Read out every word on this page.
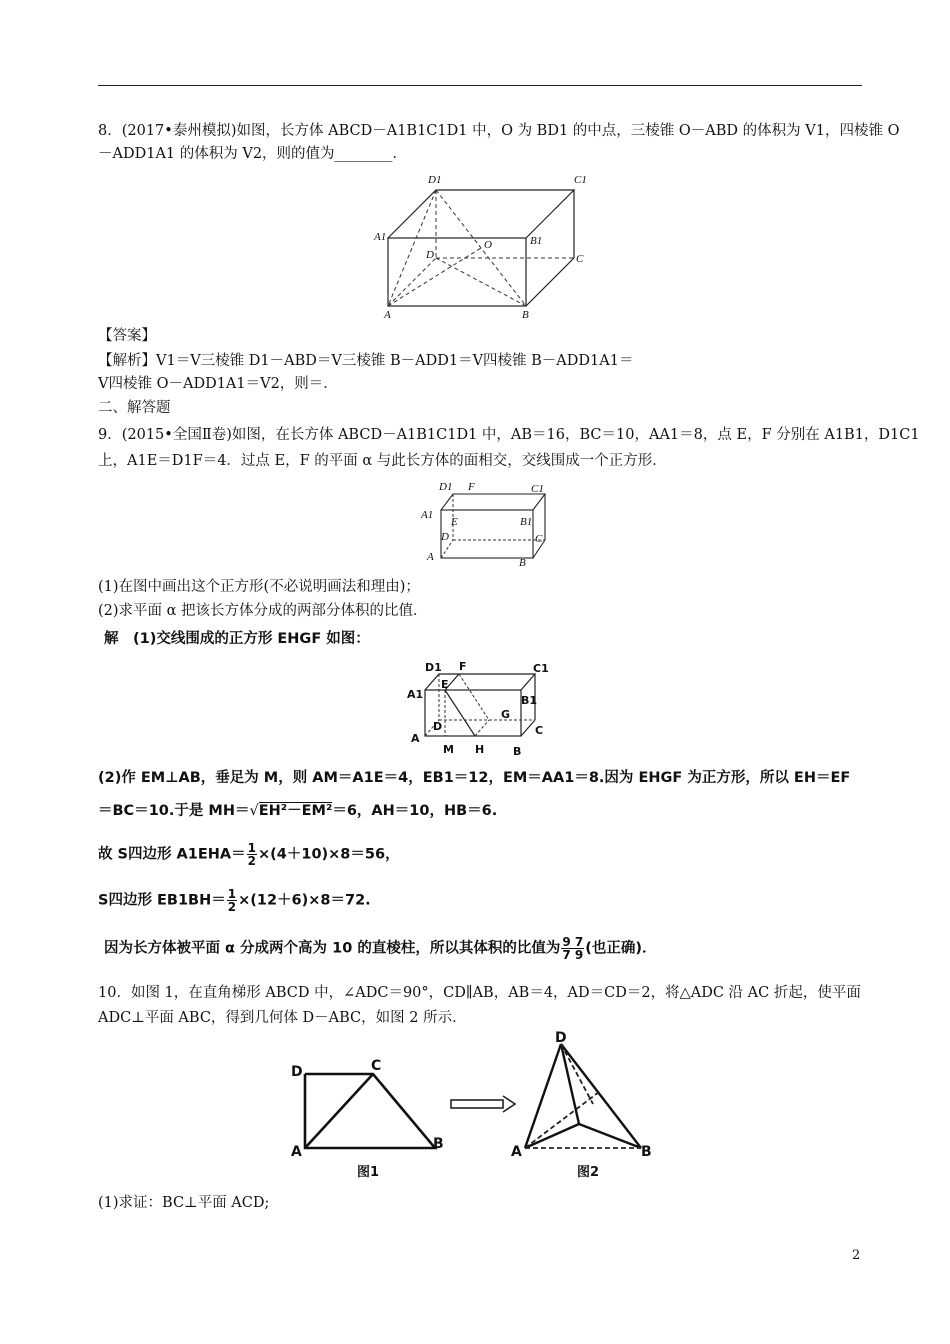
8．(2017•泰州模拟)如图，长方体 ABCD－A1B1C1D1 中，O 为 BD1 的中点，三棱锥 O－ABD 的体积为 V1，四棱锥 O
－ADD1A1 的体积为 V2，则的值为________．
D1	C1
A1	B1
D
O
C
A	B
【答案】
【解析】V1＝V三棱锥 D1－ABD＝V三棱锥 B－ADD1＝V四棱锥 B－ADD1A1＝
V四棱锥 O－ADD1A1＝V2，则＝．
二、解答题
9．(2015•全国Ⅱ卷)如图，在长方体 ABCD－A1B1C1D1 中，AB＝16，BC＝10，AA1＝8，点 E，F 分别在 A1B1，D1C1
上，A1E＝D1F＝4．过点 E，F 的平面 α 与此长方体的面相交，交线围成一个正方形．
D1 F	C1
A1
E	B1
D	C
A	B
(1)在图中画出这个正方形(不必说明画法和理由)；
(2)求平面 α 把该长方体分成的两部分体积的比值．
解　(1)交线围成的正方形 EHGF 如图：
D1 F	C1
A1
E
B1
G
D	C
A
M H	B
(2)作 EM⊥AB，垂足为 M，则 AM＝A1E＝4，EB1＝12，EM＝AA1＝8.因为 EHGF 为正方形，所以 EH＝EF
＝BC＝10.于是 MH＝√EH²－EM²＝6，AH＝10，HB＝6.
故 S四边形 $A1EHA= \frac{1}{2} \times(4+10)\times 8=56$，
S四边形 $EB1BH= \frac{1}{2} \times(12+6)\times 8=72$.
因为长方体被平面 α 分成两个高为 10 的直棱柱，所以其体积的比值为 $\frac{9 7}{7 9}$ (也正确)．
10．如图 1，在直角梯形 ABCD 中，∠ADC＝90°，CD∥AB，AB＝4，AD＝CD＝2，将△ADC 沿 AC 折起，使平面
ADC⊥平面 ABC，得到几何体 D－ABC，如图 2 所示．
D	C
A	B
D
A	B
图1	图2
(1)求证：BC⊥平面 ACD;
2
